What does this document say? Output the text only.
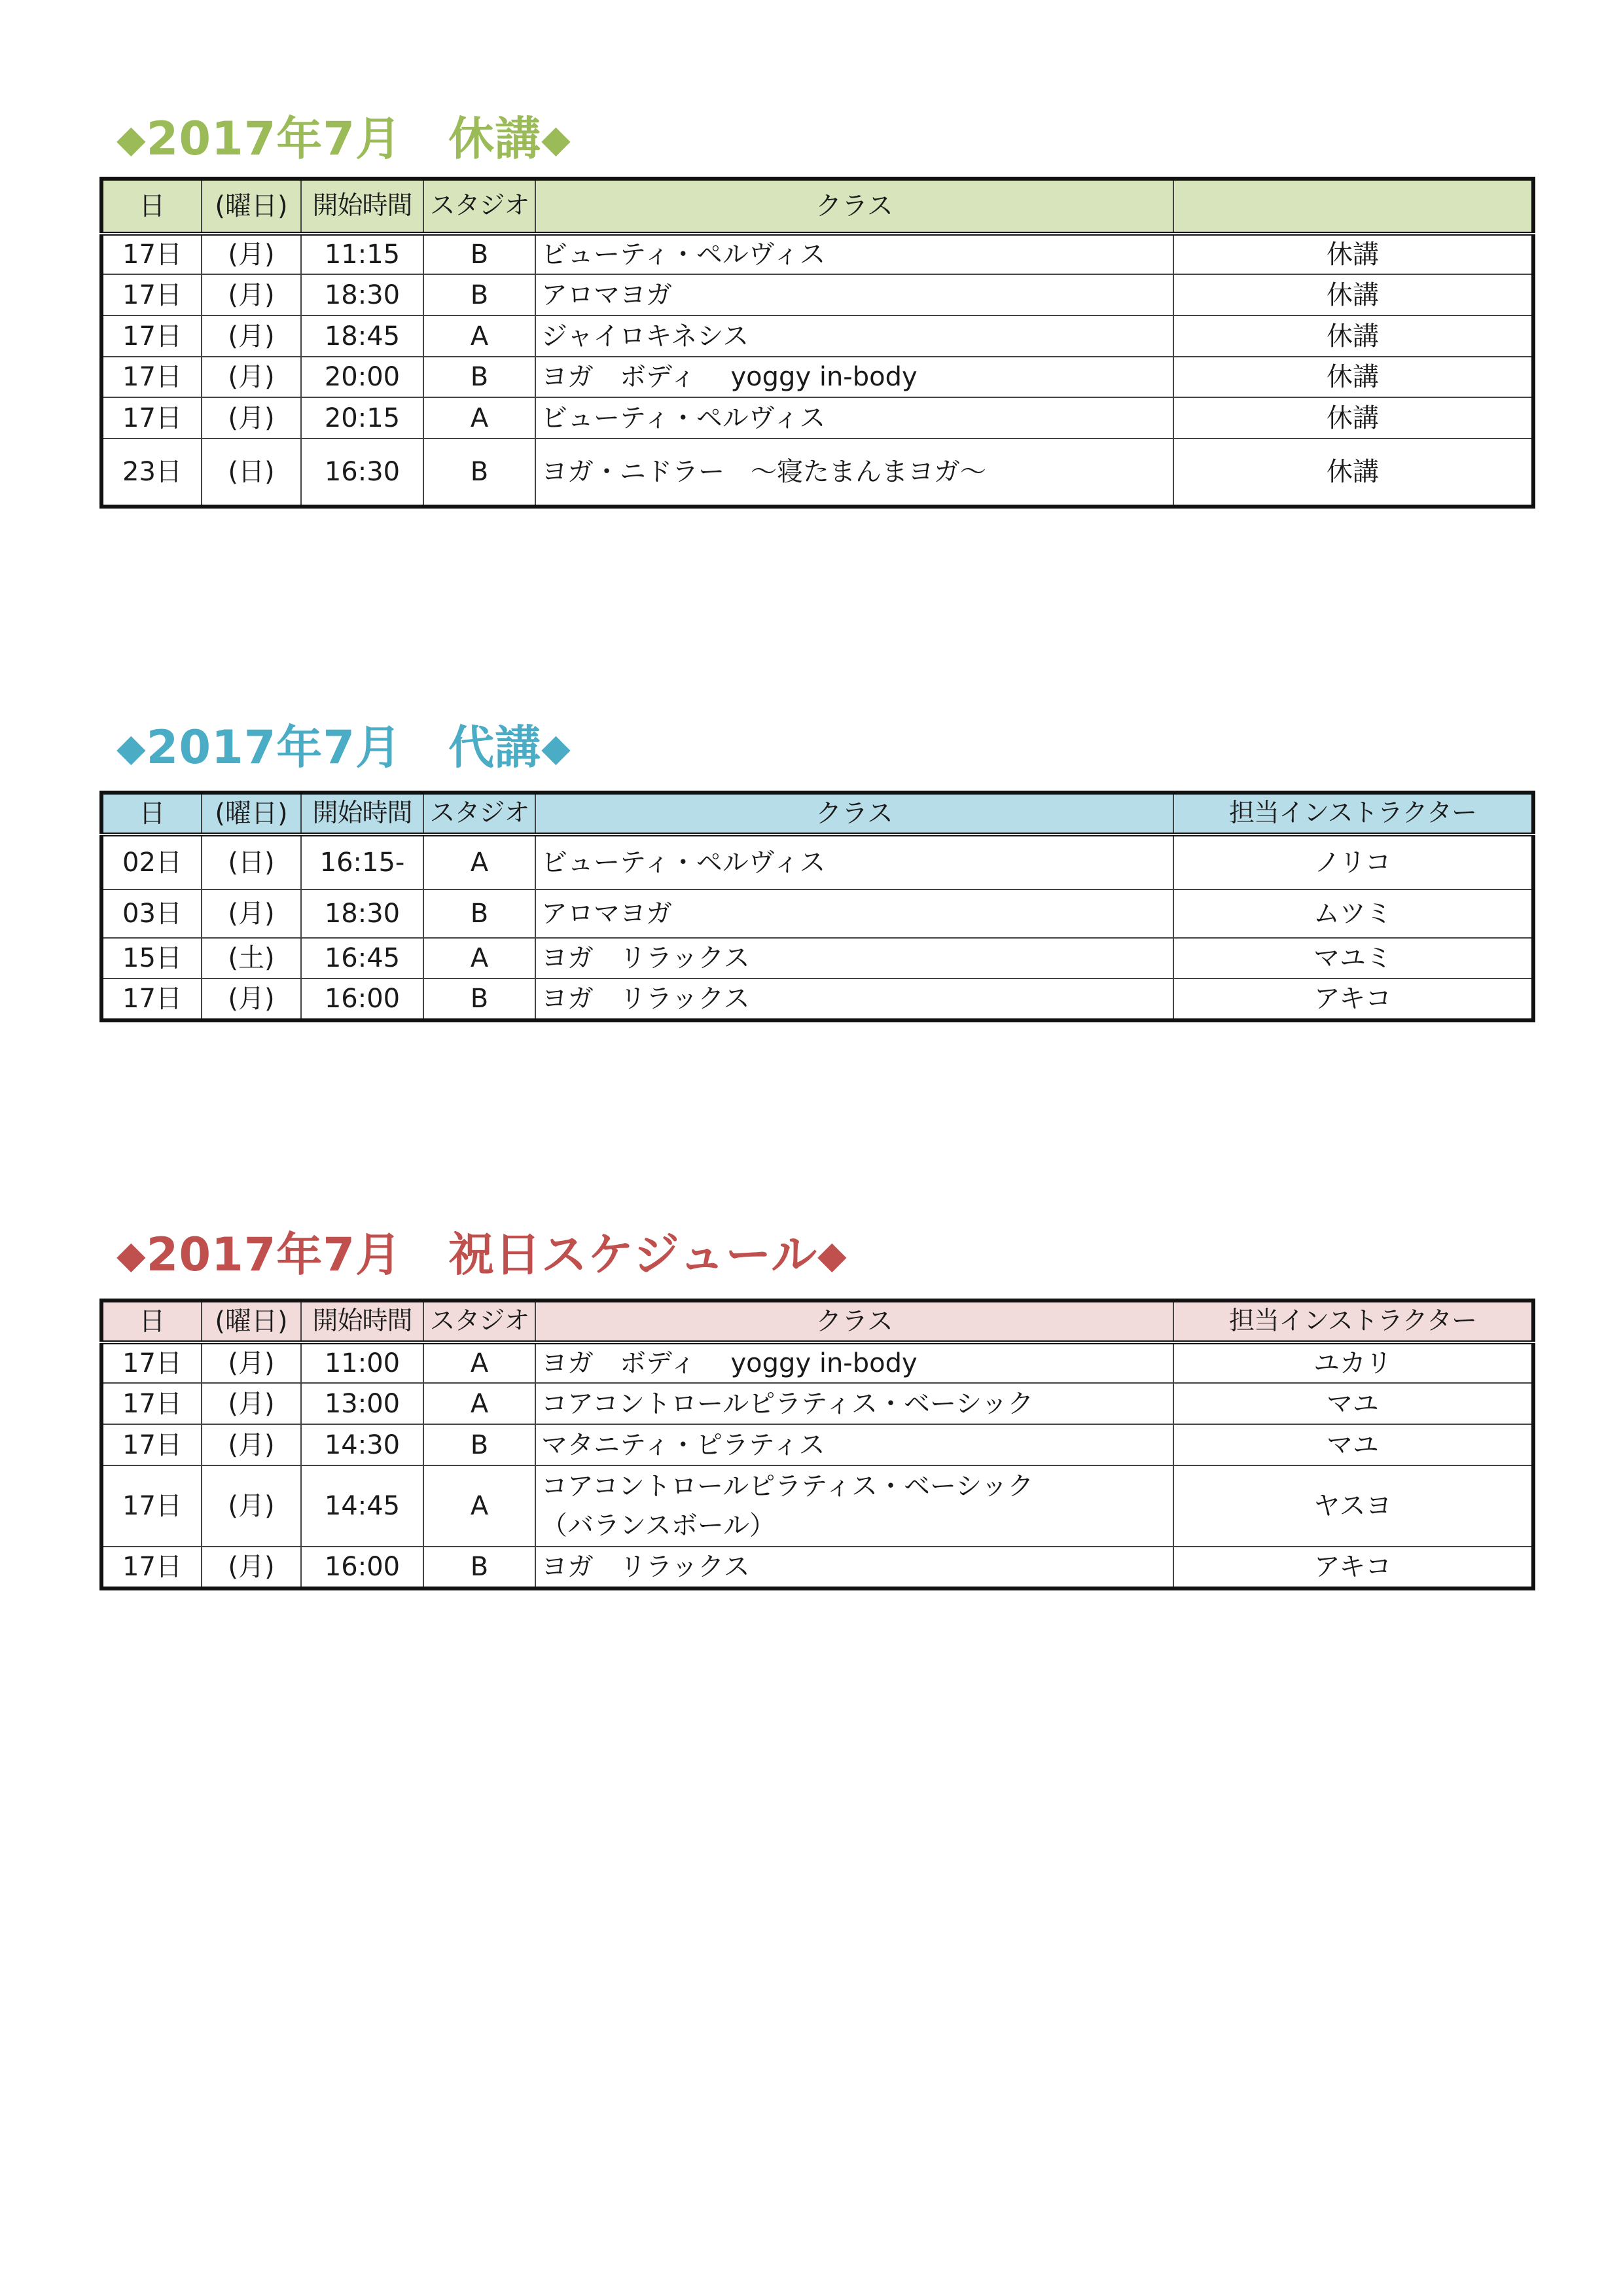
◆2017年7月　休講◆
日	(曜日)	開始時間	スタジオ	クラス	
17日	(月)	11:15	B	ビューティ・ペルヴィス	休講
17日	(月)	18:30	B	アロマヨガ	休講
17日	(月)	18:45	A	ジャイロキネシス	休講
17日	(月)	20:00	B	ヨガ　ボディ　 yoggy in-body	休講
17日	(月)	20:15	A	ビューティ・ペルヴィス	休講
23日	(日)	16:30	B	ヨガ・ニドラー　～寝たまんまヨガ～	休講
◆2017年7月　代講◆
日	(曜日)	開始時間	スタジオ	クラス	担当インストラクター
02日	(日)	16:15-	A	ビューティ・ペルヴィス	ノリコ
03日	(月)	18:30	B	アロマヨガ	ムツミ
15日	(土)	16:45	A	ヨガ　リラックス	マユミ
17日	(月)	16:00	B	ヨガ　リラックス	アキコ
◆2017年7月　祝日スケジュール◆
日	(曜日)	開始時間	スタジオ	クラス	担当インストラクター
17日	(月)	11:00	A	ヨガ　ボディ　 yoggy in-body	ユカリ
17日	(月)	13:00	A	コアコントロールピラティス・ベーシック	マユ
17日	(月)	14:30	B	マタニティ・ピラティス	マユ
17日	(月)	14:45	A	コアコントロールピラティス・ベーシック
（バランスボール）	ヤスヨ
17日	(月)	16:00	B	ヨガ　リラックス	アキコ
